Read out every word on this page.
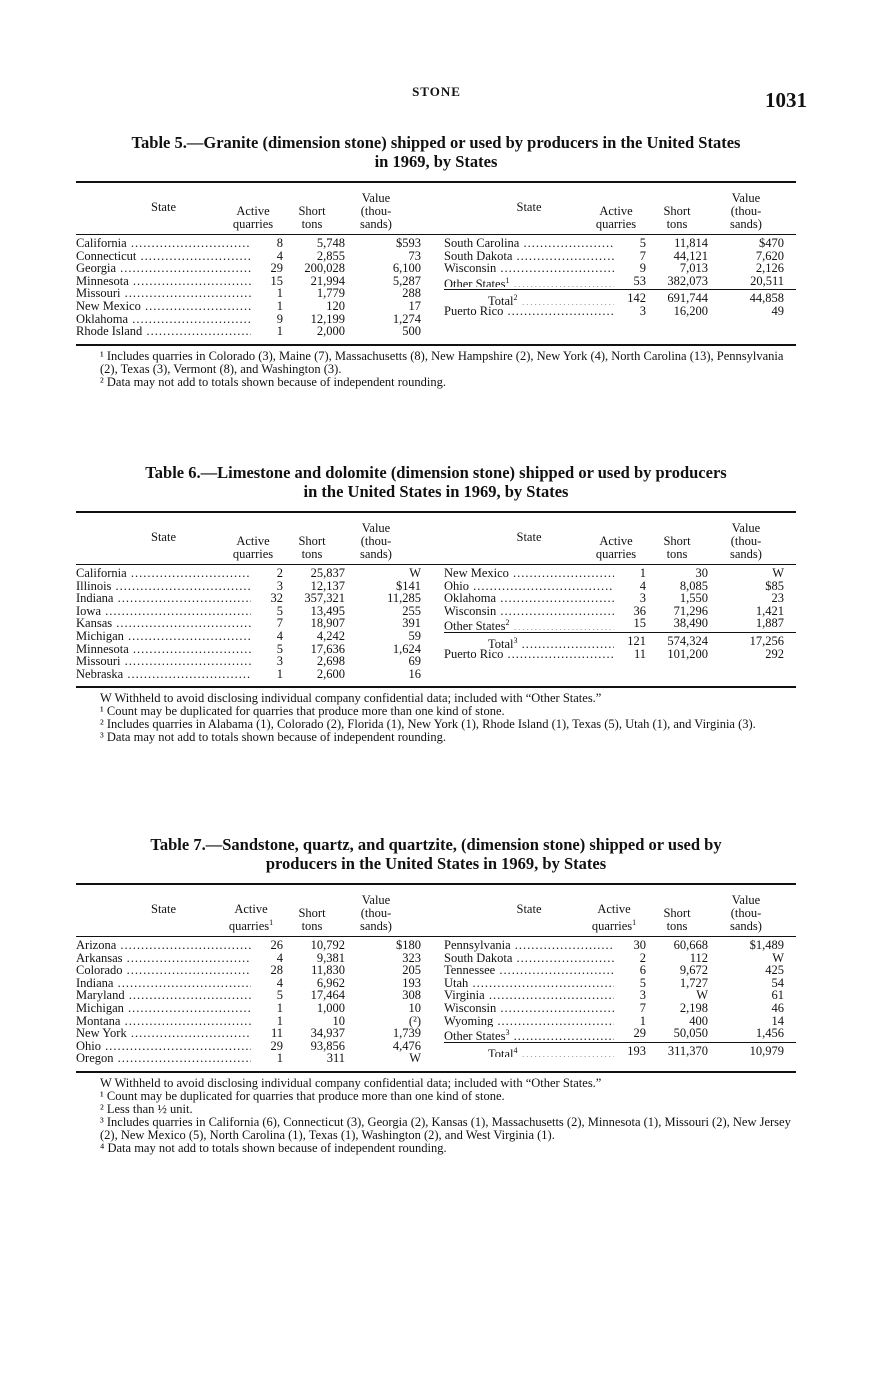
STONE	1031
Table 5.—Granite (dimension stone) shipped or used by producers in the United States
in 1969, by States
State	Active
quarries
Short
tons
Value
(thou-
sands)
State	Active
quarries
Short
tons
Value
(thou-
sands)
California .....	8	5,748	$593
Connecticut .....	4	2,855	73
Georgia .....	29	200,028	6,100
Minnesota .....	15	21,994	5,287
Missouri .....	1	1,779	288
New Mexico .....	1	120	17
Oklahoma .....	9	12,199	1,274
Rhode Island .....	1	2,000	500
South Carolina .....	5	11,814	$470
South Dakota .....	7	44,121	7,620
Wisconsin .....	9	7,013	2,126
Other States$^1$ .....	53	382,073	20,511
Total$^2$ .....	142	691,744	44,858
Puerto Rico .....	3	16,200	49
¹ Includes quarries in Colorado (3), Maine (7), Massachusetts (8), New Hampshire (2), New York (4), North Carolina (13), Pennsylvania (2), Texas (3), Vermont (8), and Washington (3).
² Data may not add to totals shown because of independent rounding.
Table 6.—Limestone and dolomite (dimension stone) shipped or used by producers
in the United States in 1969, by States
State	Active
quarries
Short
tons
Value
(thou-
sands)
State	Active
quarries
Short
tons
Value
(thou-
sands)
California .....	2	25,837	W
Illinois .....	3	12,137	$141
Indiana .....	32	357,321	11,285
Iowa .....	5	13,495	255
Kansas .....	7	18,907	391
Michigan .....	4	4,242	59
Minnesota .....	5	17,636	1,624
Missouri .....	3	2,698	69
Nebraska .....	1	2,600	16
New Mexico .....	1	30	W
Ohio .....	4	8,085	$85
Oklahoma .....	3	1,550	23
Wisconsin .....	36	71,296	1,421
Other States$^2$ .....	15	38,490	1,887
Total$^3$ .....	121	574,324	17,256
Puerto Rico .....	11	101,200	292
W Withheld to avoid disclosing individual company confidential data; included with “Other States.”
¹ Count may be duplicated for quarries that produce more than one kind of stone.
² Includes quarries in Alabama (1), Colorado (2), Florida (1), New York (1), Rhode Island (1), Texas (5), Utah (1), and Virginia (3).
³ Data may not add to totals shown because of independent rounding.
Table 7.—Sandstone, quartz, and quartzite, (dimension stone) shipped or used by
producers in the United States in 1969, by States
State	Active
quarries$^1$
Short
tons
Value
(thou-
sands)
State	Active
quarries$^1$
Short
tons
Value
(thou-
sands)
Arizona .....	26	10,792	$180
Arkansas .....	4	9,381	323
Colorado .....	28	11,830	205
Indiana .....	4	6,962	193
Maryland .....	5	17,464	308
Michigan .....	1	1,000	10
Montana .....	1	10	(²)
New York .....	11	34,937	1,739
Ohio .....	29	93,856	4,476
Oregon .....	1	311	W
Pennsylvania .....	30	60,668	$1,489
South Dakota .....	2	112	W
Tennessee .....	6	9,672	425
Utah .....	5	1,727	54
Virginia .....	3	W	61
Wisconsin .....	7	2,198	46
Wyoming .....	1	400	14
Other States$^3$ .....	29	50,050	1,456
Total$^4$ .....	193	311,370	10,979
W Withheld to avoid disclosing individual company confidential data; included with “Other States.”
¹ Count may be duplicated for quarries that produce more than one kind of stone.
² Less than ½ unit.
³ Includes quarries in California (6), Connecticut (3), Georgia (2), Kansas (1), Massachusetts (2), Minnesota (1), Missouri (2), New Jersey (2), New Mexico (5), North Carolina (1), Texas (1), Washington (2), and West Virginia (1).
⁴ Data may not add to totals shown because of independent rounding.
